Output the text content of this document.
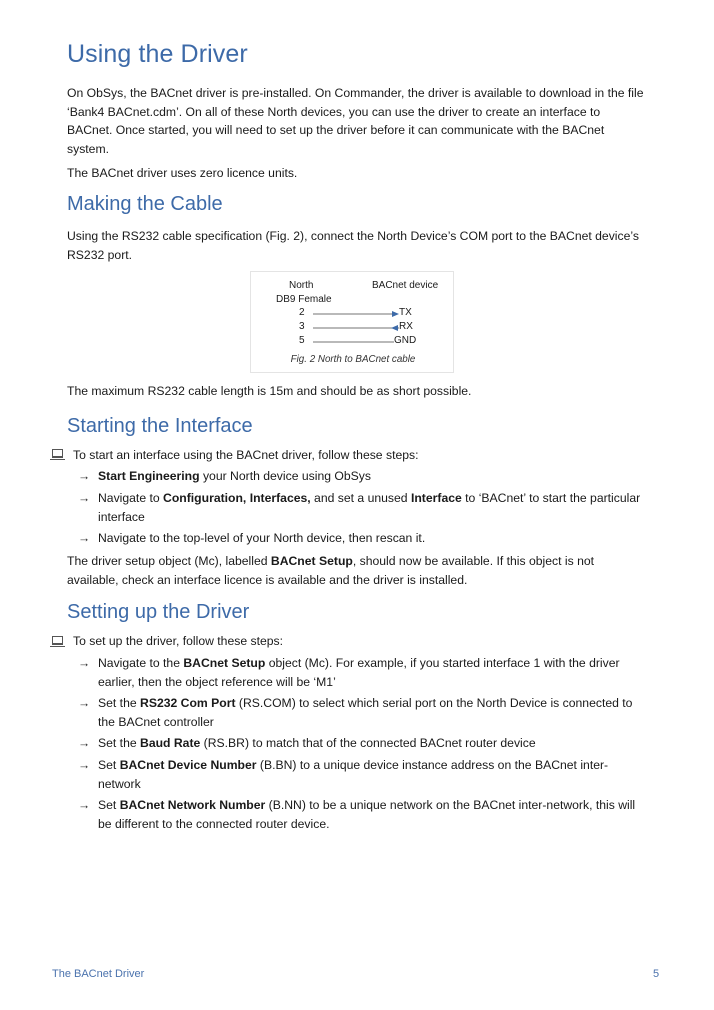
Using the Driver

On ObSys, the BACnet driver is pre-installed. On Commander, the driver is available to download in the file ‘Bank4 BACnet.cdm’. On all of these North devices, you can use the driver to create an interface to BACnet. Once started, you will need to set up the driver before it can communicate with the BACnet system.

The BACnet driver uses zero licence units.

Making the Cable

Using the RS232 cable specification (Fig. 2), connect the North Device’s COM port to the BACnet device’s RS232 port.

North
DB9 Female
BACnet device
2	TX
3	RX
5	GND
Fig. 2 North to BACnet cable

The maximum RS232 cable length is 15m and should be as short possible.

Starting the Interface

To start an interface using the BACnet driver, follow these steps:

→ Start Engineering your North device using ObSys
→ Navigate to Configuration, Interfaces, and set a unused Interface to ‘BACnet’ to start the particular interface
→ Navigate to the top-level of your North device, then rescan it.

The driver setup object (Mc), labelled BACnet Setup, should now be available. If this object is not available, check an interface licence is available and the driver is installed.

Setting up the Driver

To set up the driver, follow these steps:

→ Navigate to the BACnet Setup object (Mc). For example, if you started interface 1 with the driver earlier, then the object reference will be ‘M1’
→ Set the RS232 Com Port (RS.COM) to select which serial port on the North Device is connected to the BACnet controller
→ Set the Baud Rate (RS.BR) to match that of the connected BACnet router device
→ Set BACnet Device Number (B.BN) to a unique device instance address on the BACnet inter-network
→ Set BACnet Network Number (B.NN) to be a unique network on the BACnet inter-network, this will be different to the connected router device.
The BACnet Driver	5
